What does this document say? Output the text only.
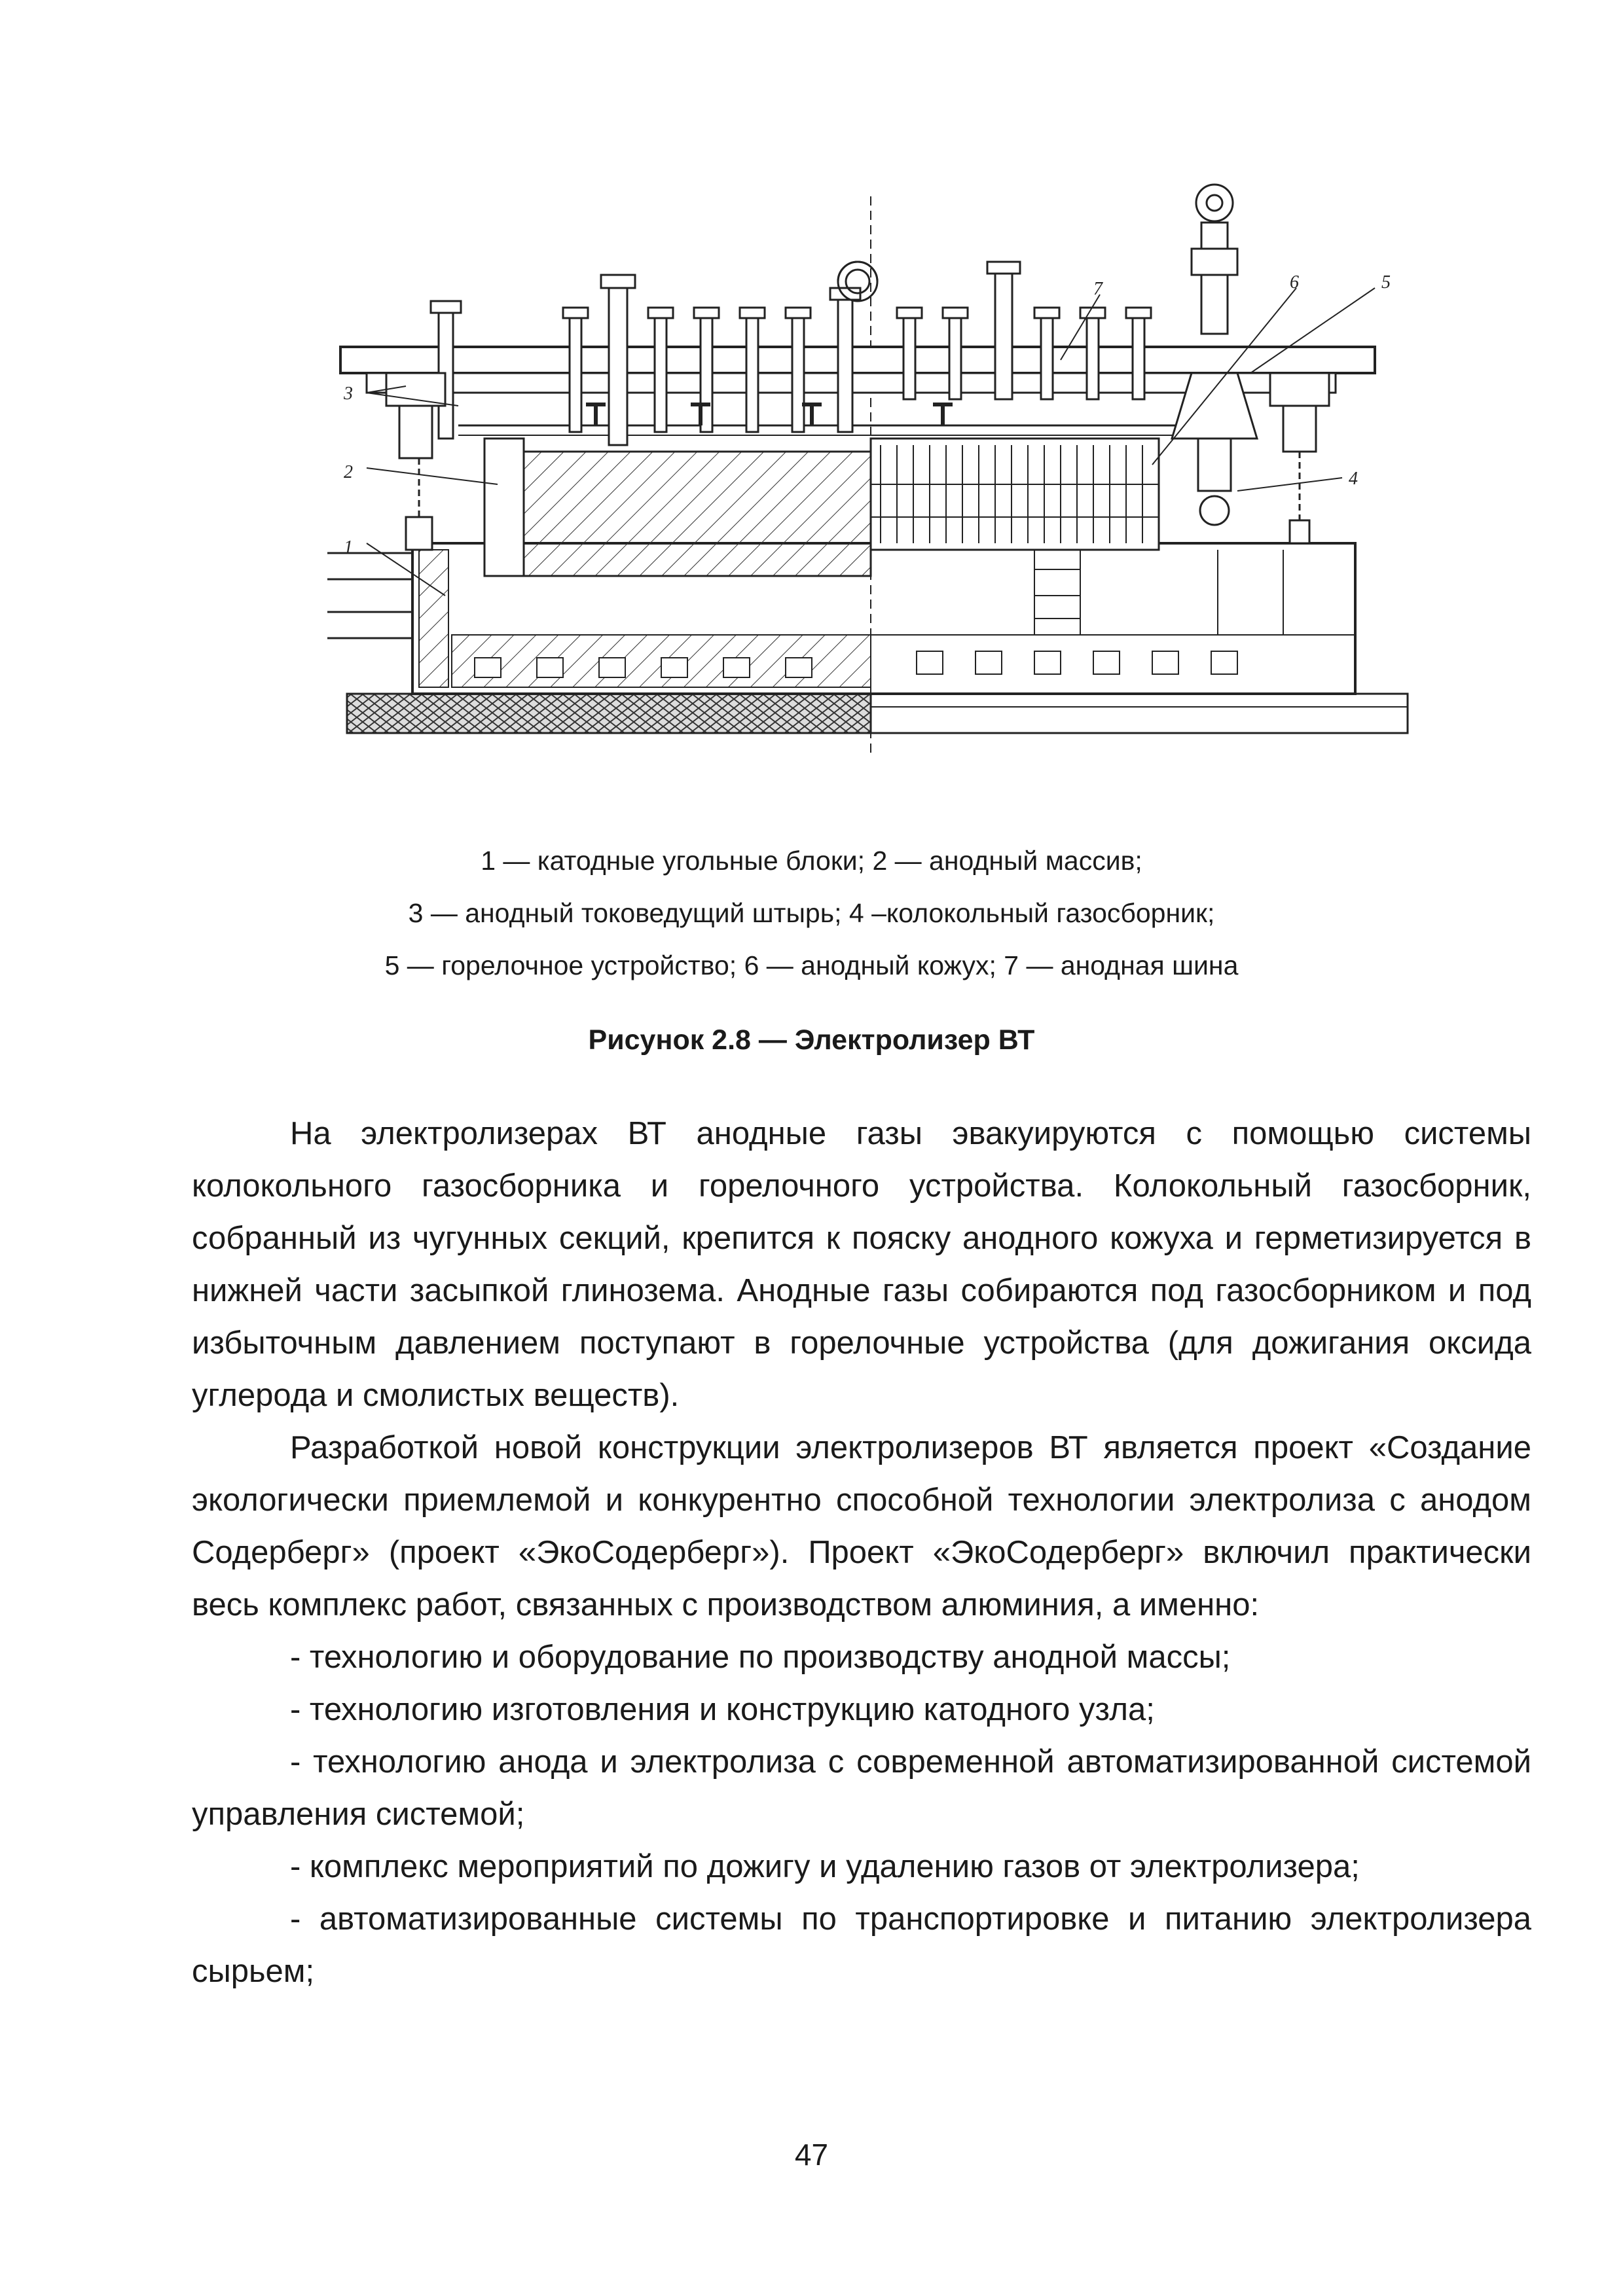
1
2
3
4
5
6
7
1 — катодные угольные блоки; 2 — анодный массив;
3 — анодный токоведущий штырь; 4 –колокольный газосборник;
5 — горелочное устройство; 6 — анодный кожух; 7 — анодная шина
Рисунок 2.8 — Электролизер ВТ

На электролизерах ВТ анодные газы эвакуируются с помощью системы колокольного газосборника и горелочного устройства. Колокольный газосборник, собранный из чугунных секций, крепится к пояску анодного кожуха и герметизируется в нижней части засыпкой глинозема. Анодные газы собираются под газосборником и под избыточным давлением поступают в горелочные устройства (для дожигания оксида углерода и смолистых веществ).

Разработкой новой конструкции электролизеров ВТ является проект «Создание экологически приемлемой и конкурентно способной технологии электролиза с анодом Содерберг» (проект «ЭкоСодерберг»). Проект «ЭкоСодерберг» включил практически весь комплекс работ, связанных с производством алюминия, а именно:

- технологию и оборудование по производству анодной массы;

- технологию изготовления и конструкцию катодного узла;

- технологию анода и электролиза с современной автоматизированной системой управления системой;

- комплекс мероприятий по дожигу и удалению газов от электролизера;

- автоматизированные системы по транспортировке и питанию электролизера сырьем;

47
